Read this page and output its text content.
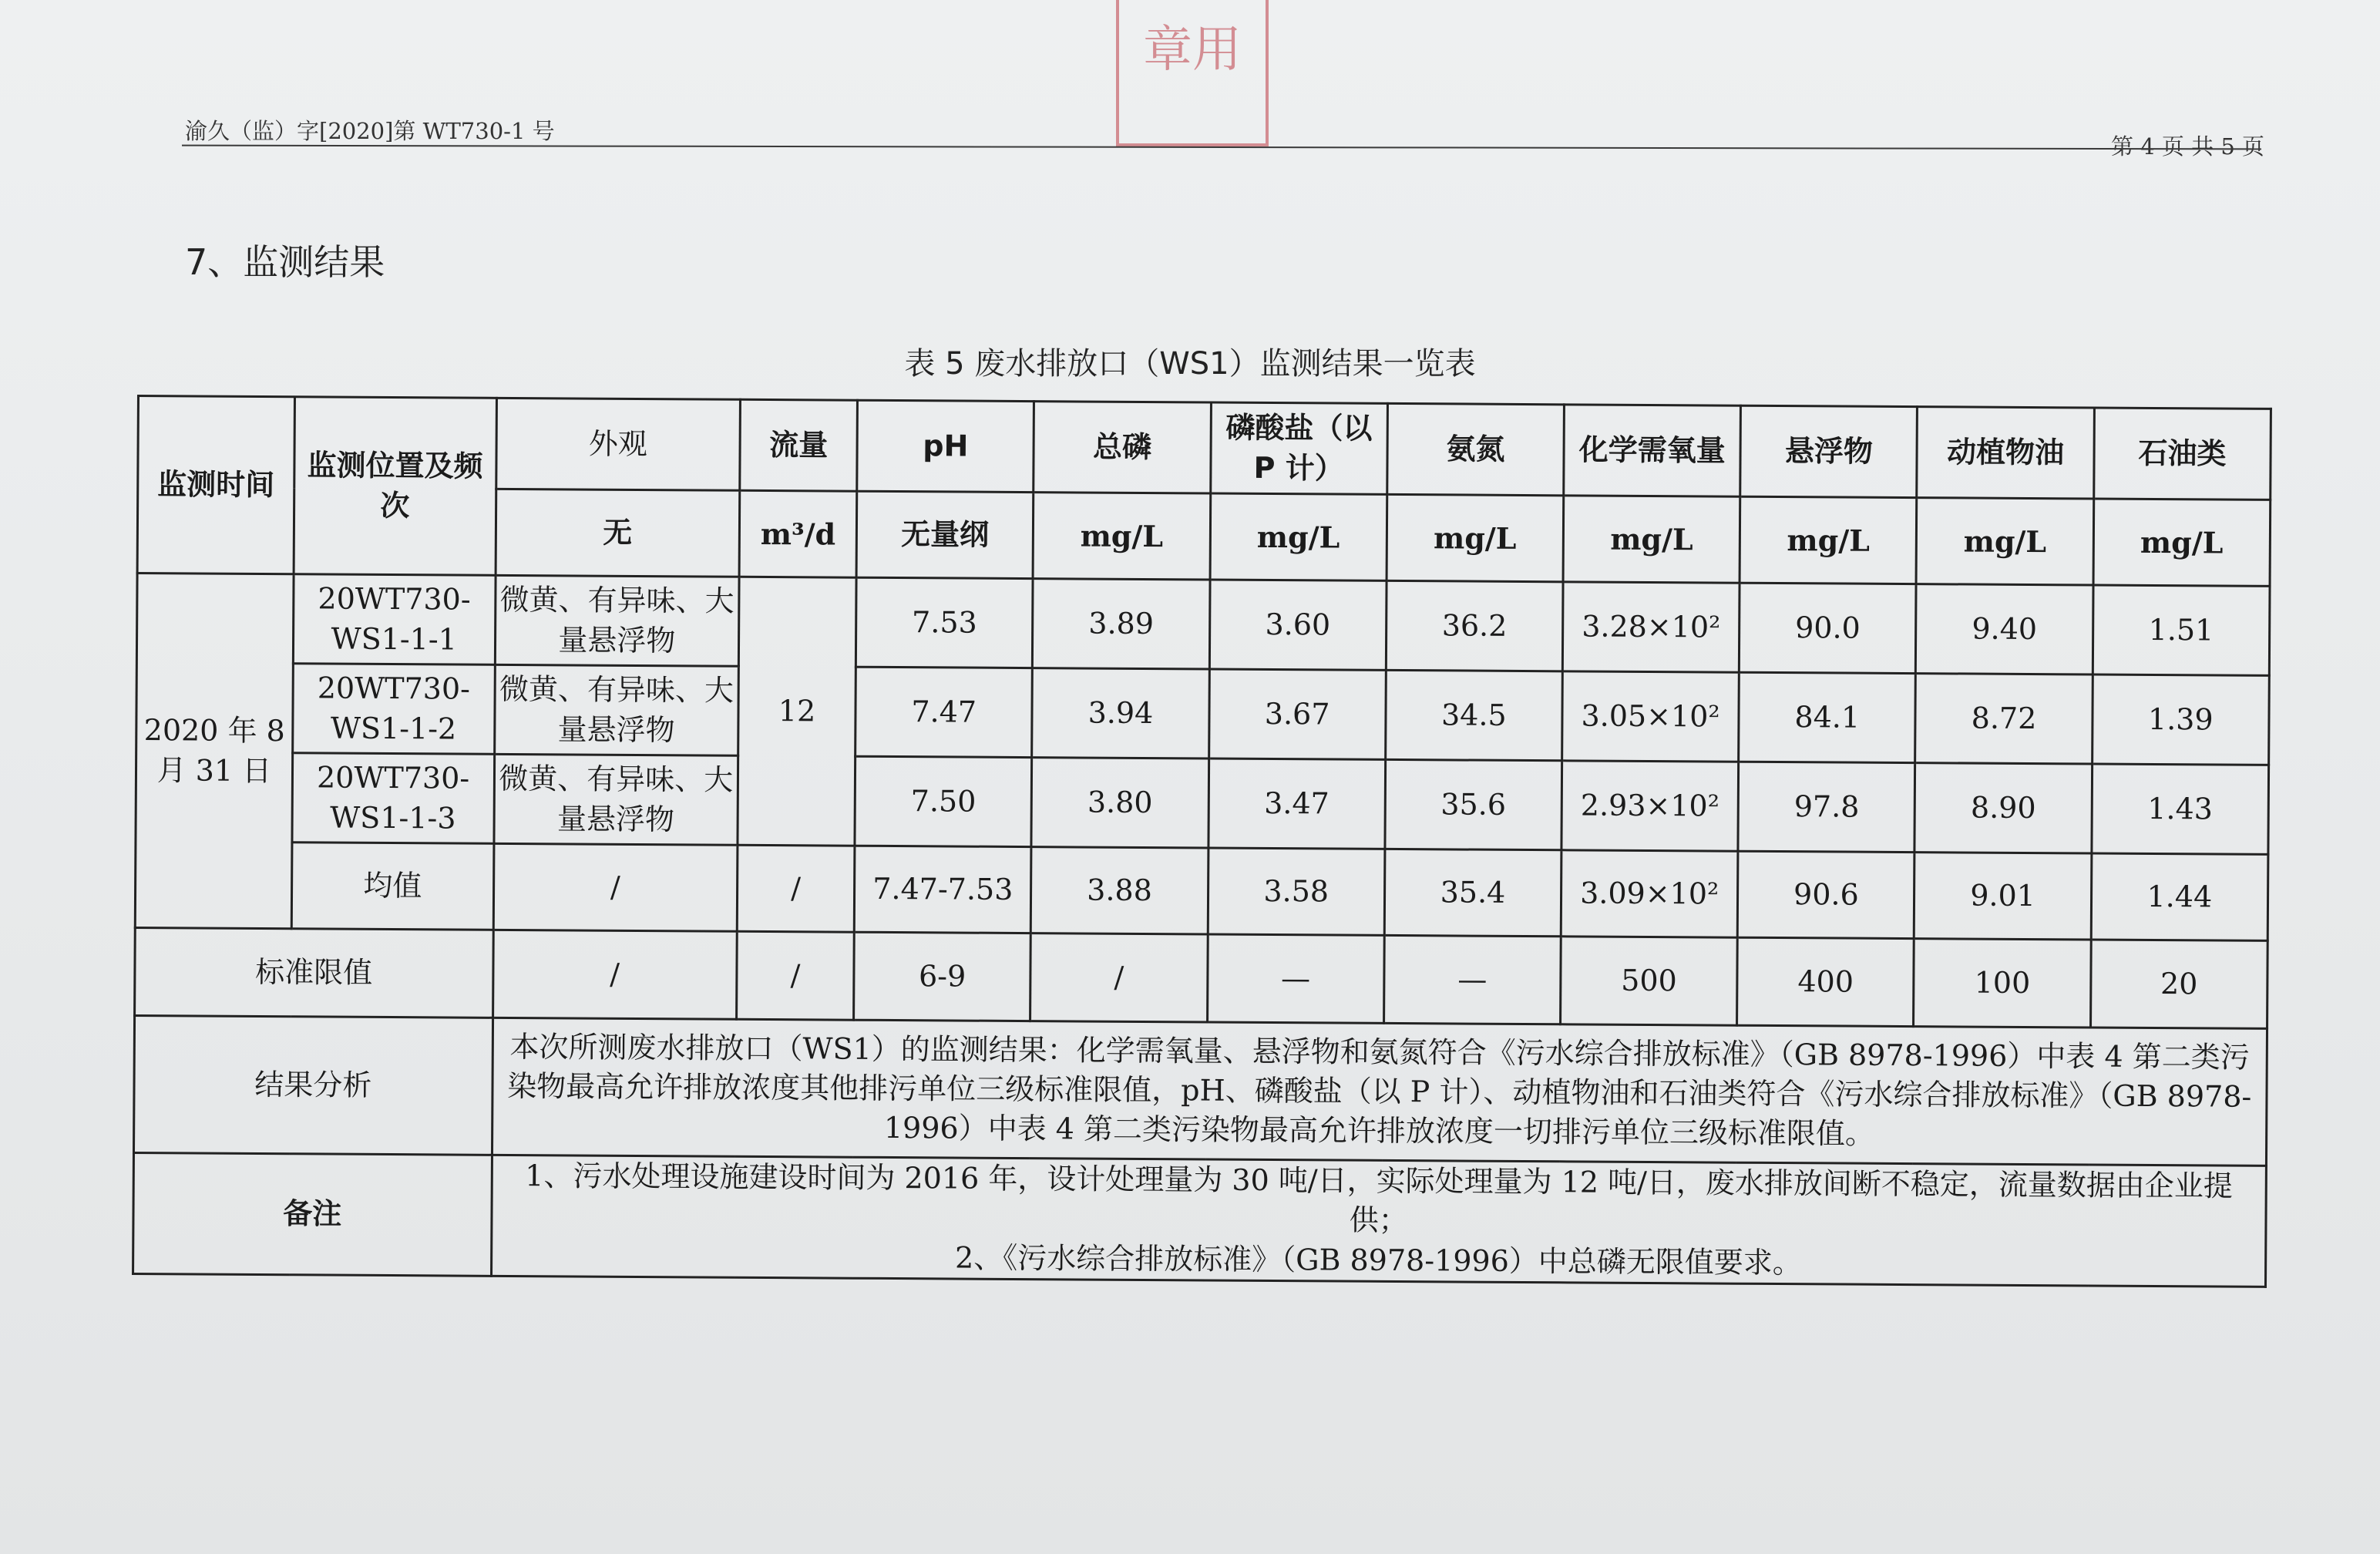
章用
渝久（监）字[2020]第 WT730-1 号
第 4 页 共 5 页
7、监测结果
表 5 废水排放口（WS1）监测结果一览表
监测时间	监测位置及频次	外观	流量	pH	总磷	磷酸盐（以 P 计）	氨氮	化学需氧量	悬浮物	动植物油	石油类
		无	m³/d	无量纲	mg/L	mg/L	mg/L	mg/L	mg/L	mg/L	mg/L
2020 年 8 月 31 日	20WT730-WS1-1-1	微黄、有异味、大量悬浮物	12	7.53	3.89	3.60	36.2	3.28×10²	90.0	9.40	1.51
	20WT730-WS1-1-2	微黄、有异味、大量悬浮物		7.47	3.94	3.67	34.5	3.05×10²	84.1	8.72	1.39
	20WT730-WS1-1-3	微黄、有异味、大量悬浮物		7.50	3.80	3.47	35.6	2.93×10²	97.8	8.90	1.43
	均值	/	/	7.47-7.53	3.88	3.58	35.4	3.09×10²	90.6	9.01	1.44
标准限值		/	/	6-9	/	—	—	500	400	100	20
结果分析		本次所测废水排放口（WS1）的监测结果：化学需氧量、悬浮物和氨氮符合《污水综合排放标准》（GB 8978-1996）中表 4 第二类污染物最高允许排放浓度其他排污单位三级标准限值，pH、磷酸盐（以 P 计）、动植物油和石油类符合《污水综合排放标准》（GB 8978-1996）中表 4 第二类污染物最高允许排放浓度一切排污单位三级标准限值。									
备注		1、污水处理设施建设时间为 2016 年，设计处理量为 30 吨/日，实际处理量为 12 吨/日，废水排放间断不稳定，流量数据由企业提供；
2、《污水综合排放标准》（GB 8978-1996）中总磷无限值要求。									
